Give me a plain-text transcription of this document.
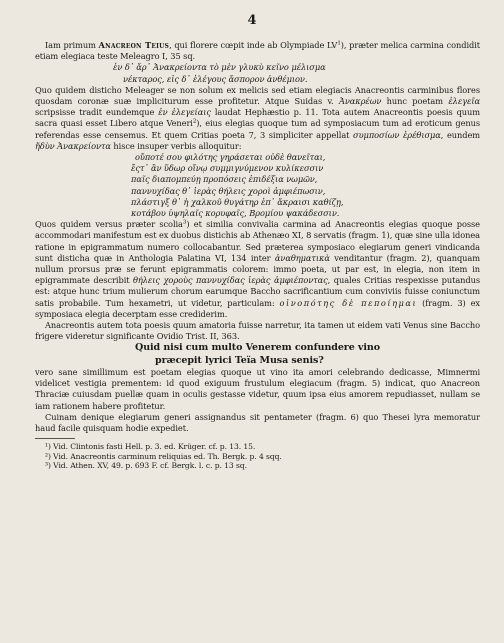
4

Iam primum Anacreon Teius, qui florere cœpit inde ab Olympiade $LV^1$), præter melica carmina condidit etiam elegiaca teste Meleagro I, 35 sq.

ἐν δ᾽ ἄρ᾽ Ἀνακρείοντα τὸ μὲν γλυκὺ κεῖνο μέλισμα
νέκταρος, εἰς δ᾽ ἐλέγους ἄσπορον ἀνθέμιον.

Quo quidem disticho Meleager se non solum ex melicis sed etiam elegiacis Anacreontis carminibus flores quosdam coronæ suæ impliciturum esse profitetur. Atque Suidas v. Ἀνακρέων hunc poetam ἐλεγεῖα scripsisse tradit eundemque ἐν ἐλεγείαις laudat Hephæstio p. 11. Tota autem Anacreontis poesis quum sacra quasi esset Libero atque Veneri$^2$), eius elegias quoque tum ad symposiacum tum ad eroticum genus referendas esse censemus. Et quem Critias poeta 7, 3 simpliciter appellat συμποσίων ἐρέθισμα, eundem ἤδὺν Ἀνακρείοντα hisce insuper verbis alloquitur:

οὔποτέ σου φιλότης γηράσεται οὐδὲ θανεῖται,
ἔςτ᾽ ἂν ὕδωρ οἴνῳ συμμιγνύμενον κυλίκεσσιν
παῖς διαπομπεύῃ προπόσεις ἐπιδέξια νωμῶν,
παννυχίδας θ᾽ ἱερὰς θήλεις χοροὶ ἀμφιέπωσιν,
πλάστιγξ θ᾽ ἡ χαλκοῦ θυγάτηρ ἐπ᾽ ἄκραισι καθίζῃ,
κοτάβου ὑψηλαῖς κορυφαῖς, Βρομίου ψακάδεσσιν.

Quos quidem versus præter scolia$^3$) et similia convivalia carmina ad Anacreontis elegias quoque posse accommodari manifestum est ex duobus distichis ab Athenæo XI, 8 servatis (fragm. 1), quæ sine ulla idonea ratione in epigrammatum numero collocabantur. Sed præterea symposiaco elegiarum generi vindicanda sunt disticha quæ in Anthologia Palatina VI, 134 inter ἀναθηματικὰ venditantur (fragm. 2), quanquam nullum prorsus præ se ferunt epigrammatis colorem: immo poeta, ut par est, in elegia, non item in epigrammate describit θήλεις χοροὺς παννυχίδας ἱερὰς ἀμφιέποντας, quales Critias respexisse putandus est: atque hunc trium mulierum chorum earumque Baccho sacrificantium cum conviviis fuisse coniunctum satis probabile. Tum hexametri, ut videtur, particulam: οἰνοπότης δὲ πεποίημαι (fragm. 3) ex symposiaca elegia decerptam esse crediderim.

Anacreontis autem tota poesis quum amatoria fuisse narretur, ita tamen ut eidem vati Venus sine Baccho frigere videretur significante Ovidio Trist. II, 363.

Quid nisi cum multo Venerem confundere vino
præcepit lyrici Teïa Musa senis?

vero sane simillimum est poetam elegias quoque ut vino ita amori celebrando dedicasse, Mimnermi videlicet vestigia prementem: id quod exiguum frustulum elegiacum (fragm. 5) indicat, quo Anacreon Thraciæ cuiusdam puellæ quam in oculis gestasse videtur, quum ipsa eius amorem repudiasset, nullam se iam rationem habere profitetur.

Cuinam denique elegiarum generi assignandus sit pentameter (fragm. 6) quo Thesei lyra memoratur haud facile quisquam hodie expediet.

¹) Vid. Clintonis fasti Hell. p. 3. ed. Krüger. cf. p. 13. 15.
²) Vid. Anacreontis carminum reliquias ed. Th. Bergk. p. 4 sqq.
³) Vid. Athen. XV, 49. p. 693 F. cf. Bergk. l. c. p. 13 sq.
